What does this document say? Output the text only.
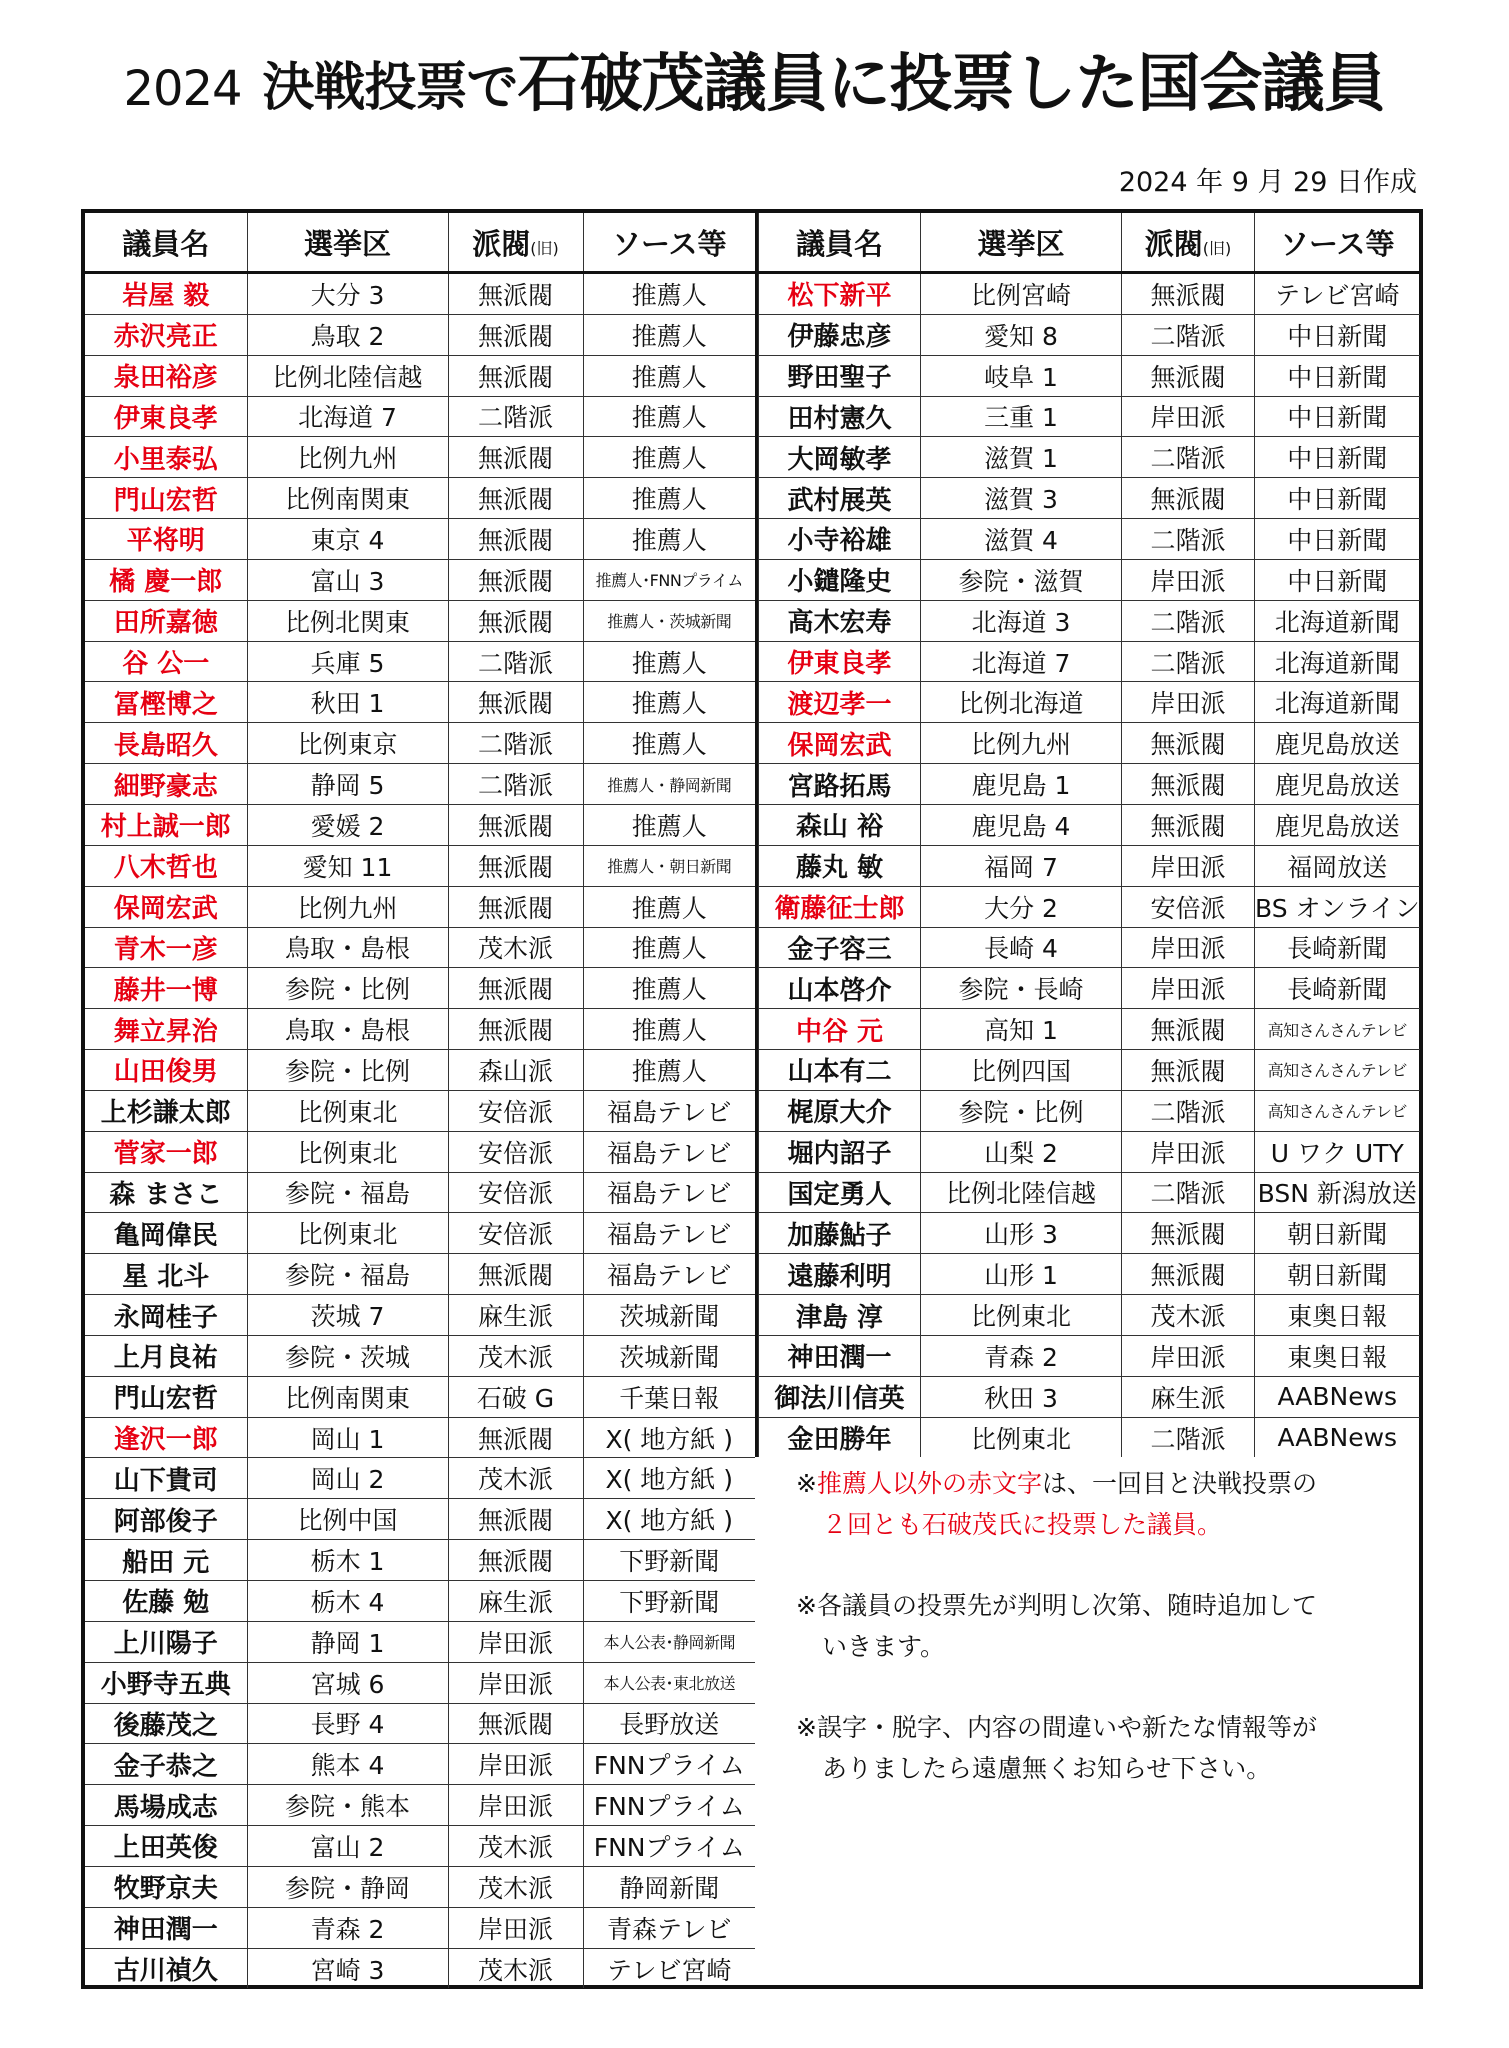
2024 決戦投票で石破茂議員に投票した国会議員
2024 年 9 月 29 日作成
議員名	選挙区	派閥(旧)	ソース等
岩屋 毅	大分 3	無派閥	推薦人
赤沢亮正	鳥取 2	無派閥	推薦人
泉田裕彦	比例北陸信越	無派閥	推薦人
伊東良孝	北海道 7	二階派	推薦人
小里泰弘	比例九州	無派閥	推薦人
門山宏哲	比例南関東	無派閥	推薦人
平将明	東京 4	無派閥	推薦人
橘 慶一郎	富山 3	無派閥	推薦人･FNNプライム
田所嘉徳	比例北関東	無派閥	推薦人・茨城新聞
谷 公一	兵庫 5	二階派	推薦人
冨樫博之	秋田 1	無派閥	推薦人
長島昭久	比例東京	二階派	推薦人
細野豪志	静岡 5	二階派	推薦人・静岡新聞
村上誠一郎	愛媛 2	無派閥	推薦人
八木哲也	愛知 11	無派閥	推薦人・朝日新聞
保岡宏武	比例九州	無派閥	推薦人
青木一彦	鳥取・島根	茂木派	推薦人
藤井一博	参院・比例	無派閥	推薦人
舞立昇治	鳥取・島根	無派閥	推薦人
山田俊男	参院・比例	森山派	推薦人
上杉謙太郎	比例東北	安倍派	福島テレビ
菅家一郎	比例東北	安倍派	福島テレビ
森 まさこ	参院・福島	安倍派	福島テレビ
亀岡偉民	比例東北	安倍派	福島テレビ
星 北斗	参院・福島	無派閥	福島テレビ
永岡桂子	茨城 7	麻生派	茨城新聞
上月良祐	参院・茨城	茂木派	茨城新聞
門山宏哲	比例南関東	石破 G	千葉日報
逢沢一郎	岡山 1	無派閥	X( 地方紙 )
山下貴司	岡山 2	茂木派	X( 地方紙 )
阿部俊子	比例中国	無派閥	X( 地方紙 )
船田 元	栃木 1	無派閥	下野新聞
佐藤 勉	栃木 4	麻生派	下野新聞
上川陽子	静岡 1	岸田派	本人公表･静岡新聞
小野寺五典	宮城 6	岸田派	本人公表･東北放送
後藤茂之	長野 4	無派閥	長野放送
金子恭之	熊本 4	岸田派	FNNプライム
馬場成志	参院・熊本	岸田派	FNNプライム
上田英俊	富山 2	茂木派	FNNプライム
牧野京夫	参院・静岡	茂木派	静岡新聞
神田潤一	青森 2	岸田派	青森テレビ
古川禎久	宮崎 3	茂木派	テレビ宮崎
議員名	選挙区	派閥(旧)	ソース等
松下新平	比例宮崎	無派閥	テレビ宮崎
伊藤忠彦	愛知 8	二階派	中日新聞
野田聖子	岐阜 1	無派閥	中日新聞
田村憲久	三重 1	岸田派	中日新聞
大岡敏孝	滋賀 1	二階派	中日新聞
武村展英	滋賀 3	無派閥	中日新聞
小寺裕雄	滋賀 4	二階派	中日新聞
小鑓隆史	参院・滋賀	岸田派	中日新聞
高木宏寿	北海道 3	二階派	北海道新聞
伊東良孝	北海道 7	二階派	北海道新聞
渡辺孝一	比例北海道	岸田派	北海道新聞
保岡宏武	比例九州	無派閥	鹿児島放送
宮路拓馬	鹿児島 1	無派閥	鹿児島放送
森山 裕	鹿児島 4	無派閥	鹿児島放送
藤丸 敏	福岡 7	岸田派	福岡放送
衛藤征士郎	大分 2	安倍派	BS オンライン
金子容三	長崎 4	岸田派	長崎新聞
山本啓介	参院・長崎	岸田派	長崎新聞
中谷 元	高知 1	無派閥	高知さんさんテレビ
山本有二	比例四国	無派閥	高知さんさんテレビ
梶原大介	参院・比例	二階派	高知さんさんテレビ
堀内詔子	山梨 2	岸田派	U ワク UTY
国定勇人	比例北陸信越	二階派	BSN 新潟放送
加藤鮎子	山形 3	無派閥	朝日新聞
遠藤利明	山形 1	無派閥	朝日新聞
津島 淳	比例東北	茂木派	東奥日報
神田潤一	青森 2	岸田派	東奥日報
御法川信英	秋田 3	麻生派	AABNews
金田勝年	比例東北	二階派	AABNews
※推薦人以外の赤文字は、一回目と決戦投票の
２回とも石破茂氏に投票した議員。
※各議員の投票先が判明し次第、随時追加して
いきます。
※誤字・脱字、内容の間違いや新たな情報等が
ありましたら遠慮無くお知らせ下さい。
